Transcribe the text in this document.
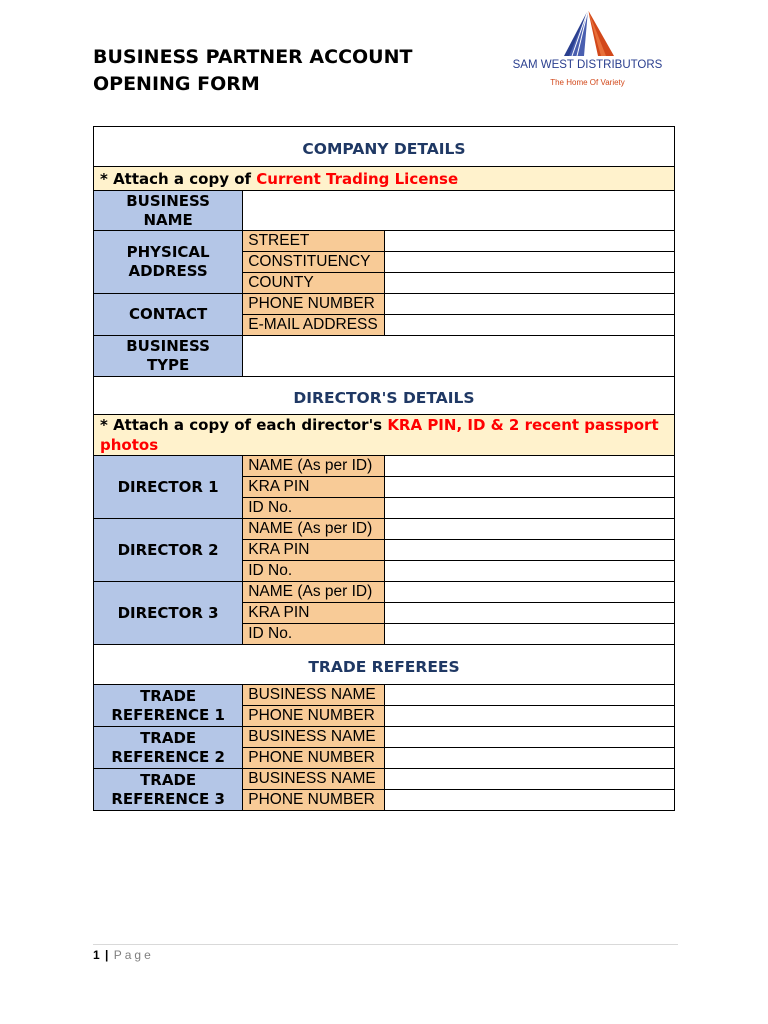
BUSINESS PARTNER ACCOUNT
OPENING FORM
SAM WEST DISTRIBUTORS
The Home Of Variety
COMPANY DETAILS		
* Attach a copy of Current Trading License		

BUSINESS
NAME		

PHYSICAL
ADDRESS	STREET	
	CONSTITUENCY	
	COUNTY	
CONTACT	PHONE NUMBER	
	E-MAIL ADDRESS	

BUSINESS
TYPE		

DIRECTOR'S DETAILS		
* Attach a copy of each director's KRA PIN, ID & 2 recent passport photos		
DIRECTOR 1	NAME (As per ID)	
	KRA PIN	
	ID No.	
DIRECTOR 2	NAME (As per ID)	
	KRA PIN	
	ID No.	
DIRECTOR 3	NAME (As per ID)	
	KRA PIN	
	ID No.	
TRADE REFEREES		

TRADE
REFERENCE 1	BUSINESS NAME	
	PHONE NUMBER	

TRADE
REFERENCE 2	BUSINESS NAME	
	PHONE NUMBER	

TRADE
REFERENCE 3	BUSINESS NAME	
	PHONE NUMBER	
1 | Page
